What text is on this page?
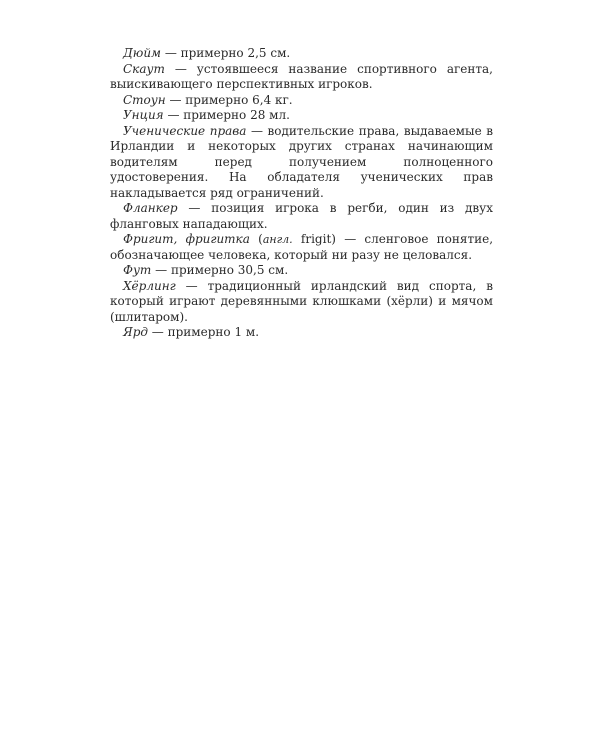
Дюйм — примерно 2,5 см.

Скаут — устоявшееся название спортивного агента, выискивающего перспективных игроков.

Стоун — примерно 6,4 кг.

Унция — примерно 28 мл.

Ученические права — водительские права, выдаваемые в Ирландии и некоторых других странах начинающим водителям перед получением полноценного удостоверения. На обладателя ученических прав накладывается ряд ограничений.

Фланкер — позиция игрока в регби, один из двух фланговых нападающих.

Фригит, фригитка (англ. frigit) — сленговое понятие, обозначающее человека, который ни разу не целовался.

Фут — примерно 30,5 см.

Хёрлинг — традиционный ирландский вид спорта, в который играют деревянными клюшками (хёрли) и мячом (шлитаром).

Ярд — примерно 1 м.
